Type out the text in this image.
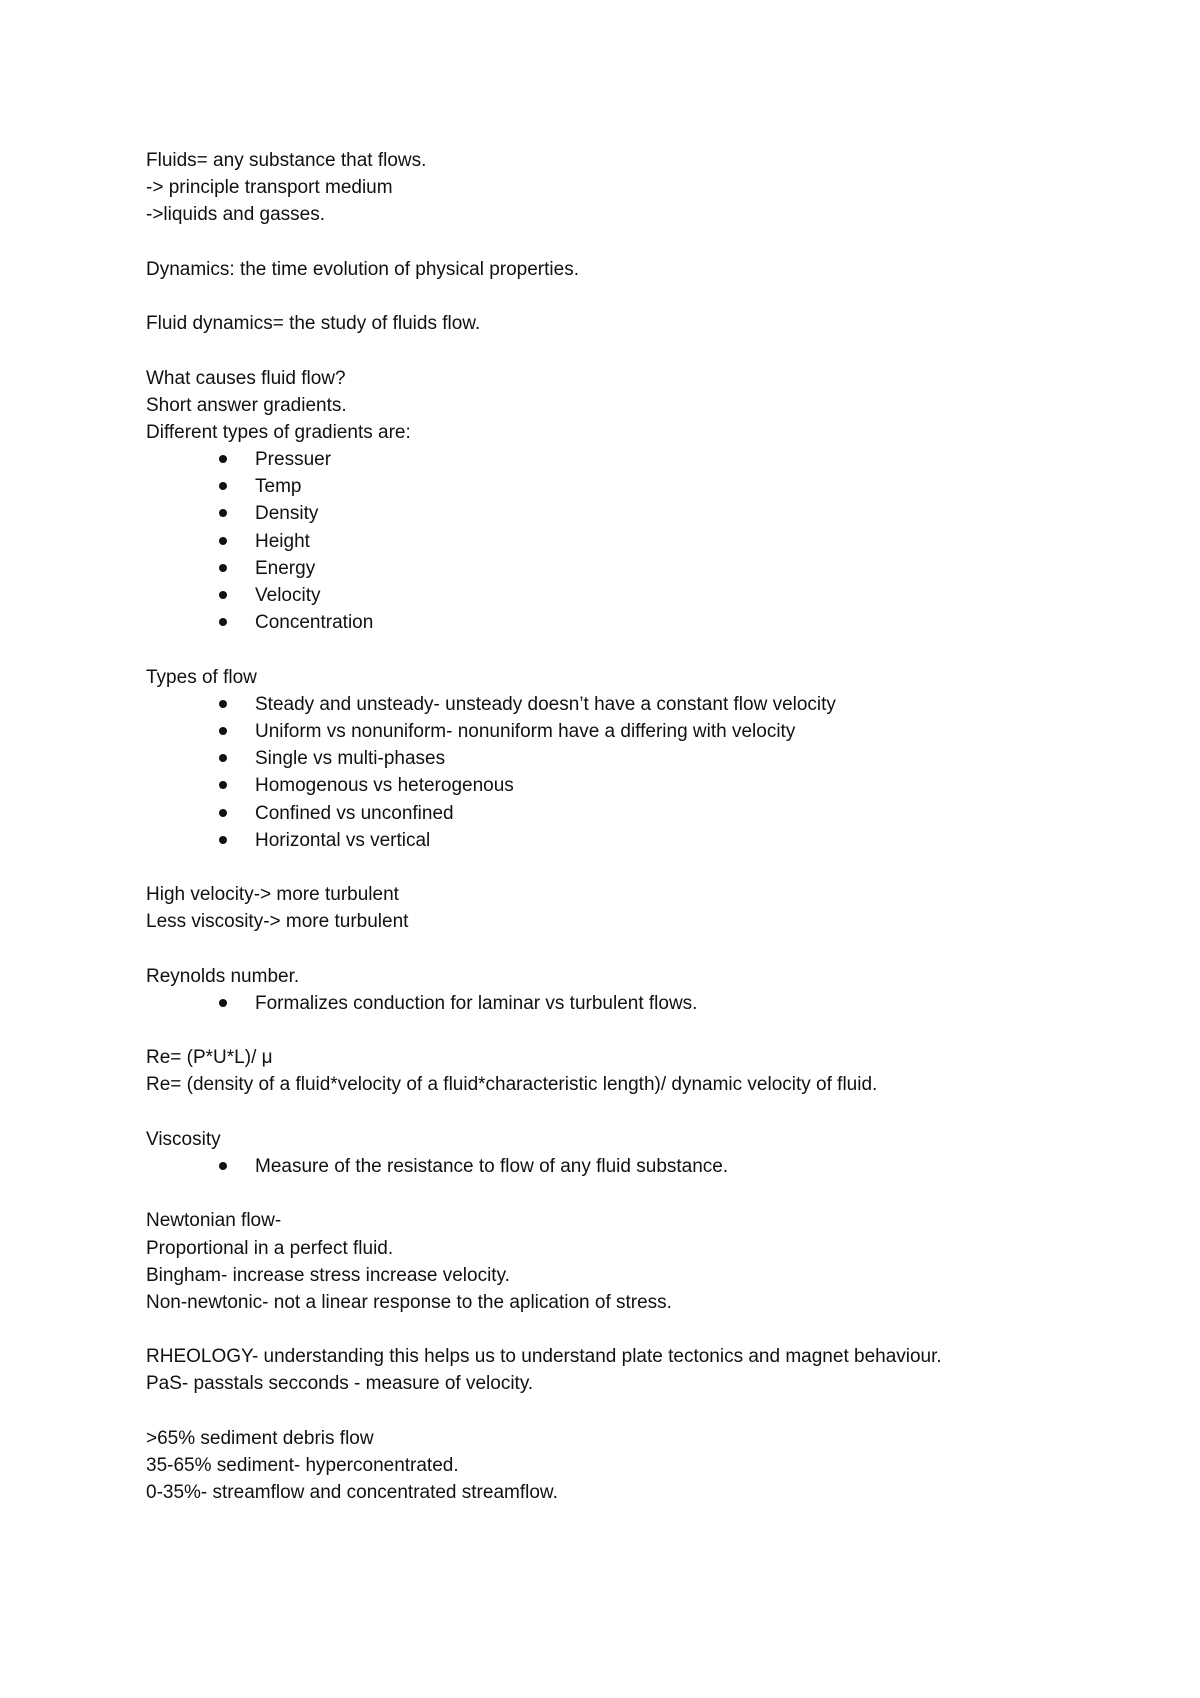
Fluids= any substance that flows.
-> principle transport medium
->liquids and gasses.
Dynamics: the time evolution of physical properties.
Fluid dynamics= the study of fluids flow.
What causes fluid flow?
Short answer gradients.
Different types of gradients are:
Pressuer
Temp
Density
Height
Energy
Velocity
Concentration
Types of flow
Steady and unsteady- unsteady doesn’t have a constant flow velocity
Uniform vs nonuniform- nonuniform have a differing with velocity
Single vs multi-phases
Homogenous vs heterogenous
Confined vs unconfined
Horizontal vs vertical
High velocity-> more turbulent
Less viscosity-> more turbulent
Reynolds number.
Formalizes conduction for laminar vs turbulent flows.
Re= (P*U*L)/ μ
Re= (density of a fluid*velocity of a fluid*characteristic length)/ dynamic velocity of fluid.
Viscosity
Measure of the resistance to flow of any fluid substance.
Newtonian flow-
Proportional in a perfect fluid.
Bingham- increase stress increase velocity.
Non-newtonic- not a linear response to the aplication of stress.
RHEOLOGY- understanding this helps us to understand plate tectonics and magnet behaviour.
PaS- passtals secconds - measure of velocity.
>65% sediment debris flow
35-65% sediment- hyperconentrated.
0-35%- streamflow and concentrated streamflow.
